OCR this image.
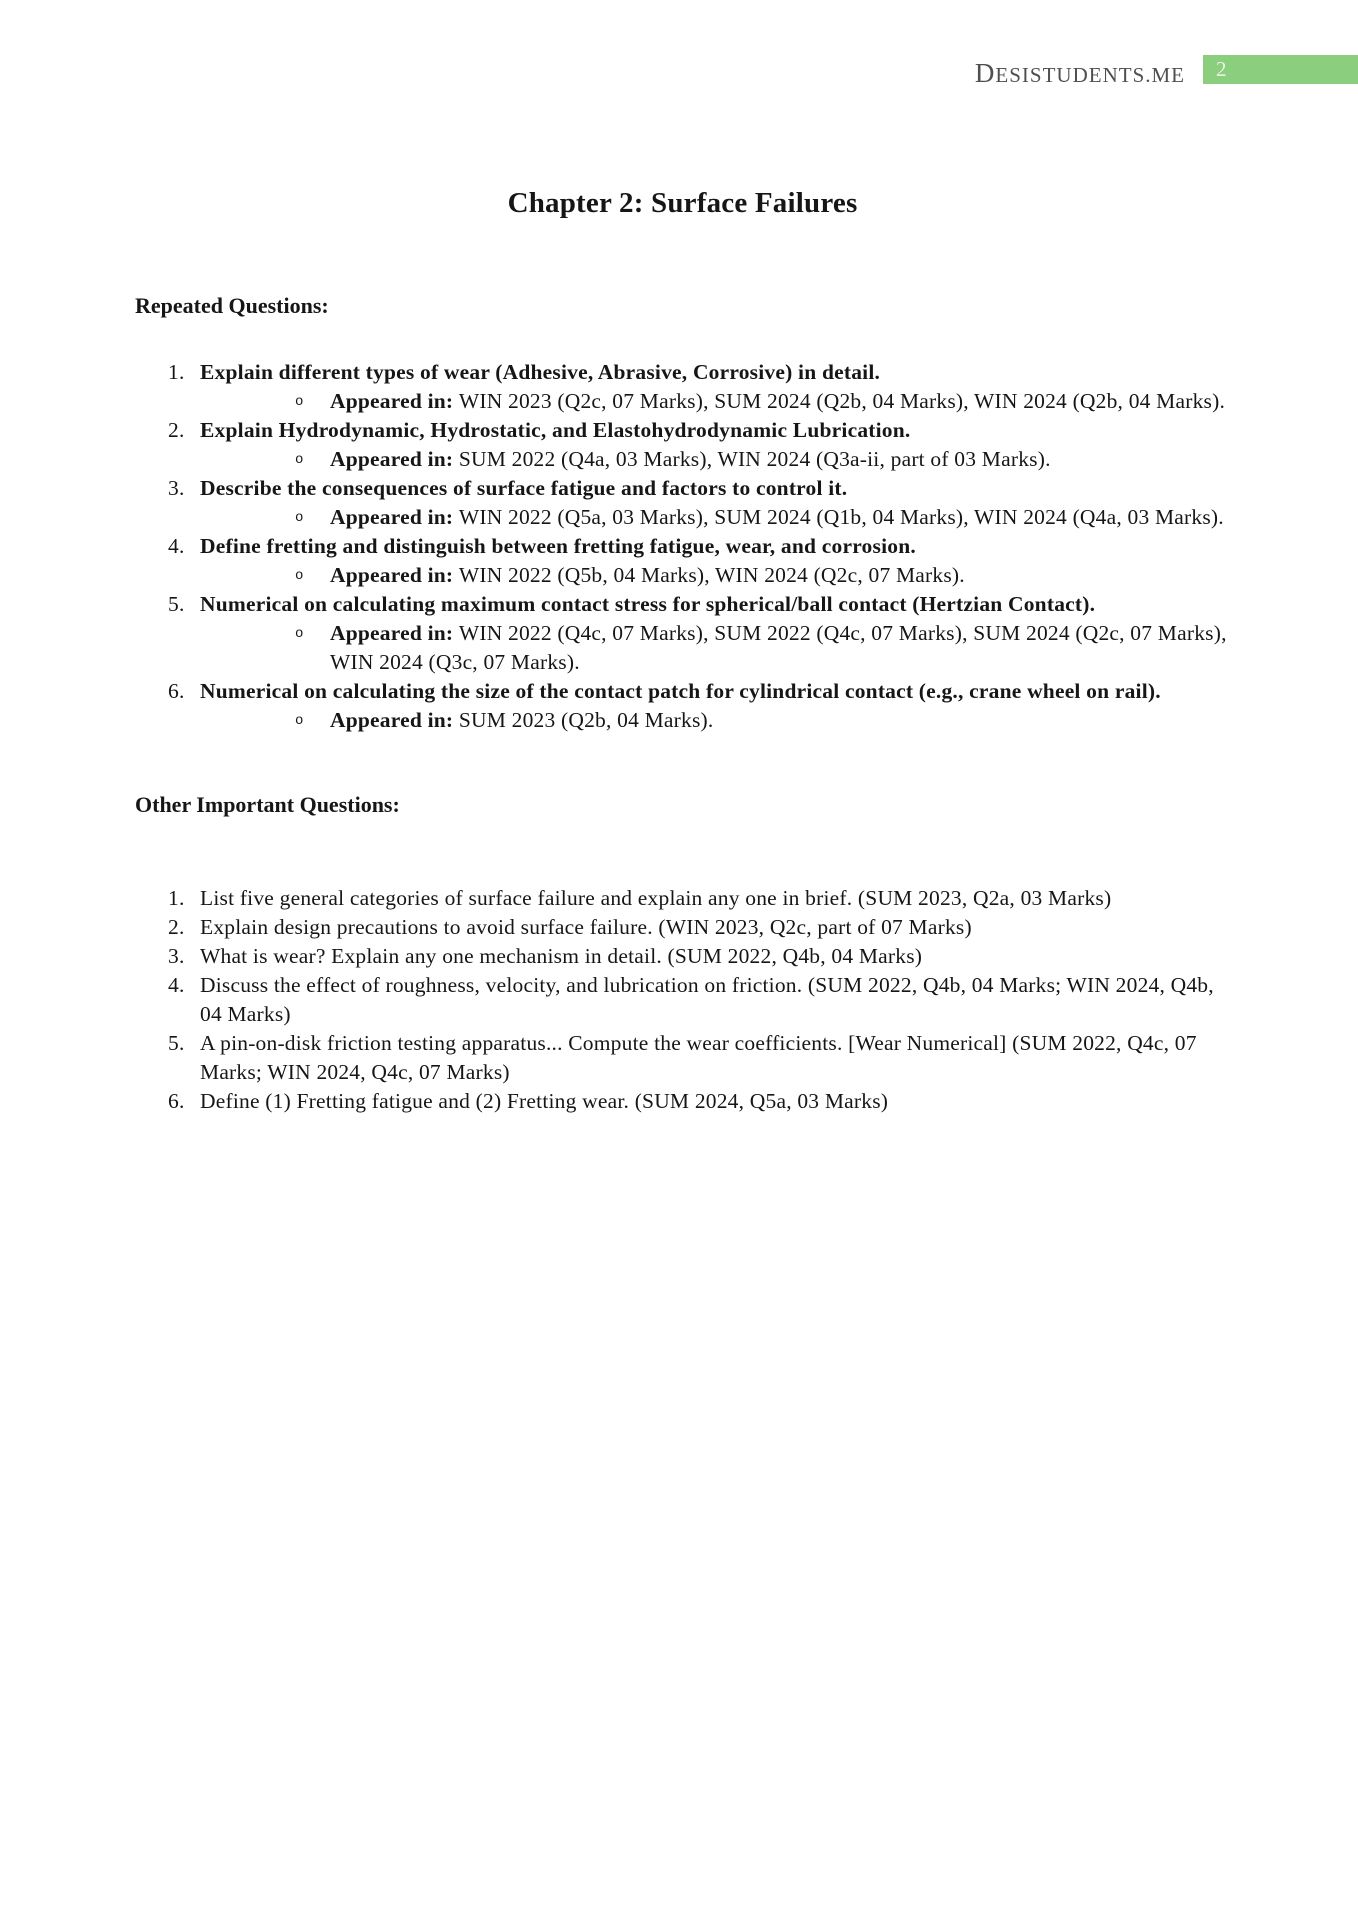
DESISTUDENTS.ME	2
Chapter 2: Surface Failures
Repeated Questions:
1. Explain different types of wear (Adhesive, Abrasive, Corrosive) in detail.
o Appeared in: WIN 2023 (Q2c, 07 Marks), SUM 2024 (Q2b, 04 Marks), WIN 2024 (Q2b, 04 Marks).
2. Explain Hydrodynamic, Hydrostatic, and Elastohydrodynamic Lubrication.
o Appeared in: SUM 2022 (Q4a, 03 Marks), WIN 2024 (Q3a-ii, part of 03 Marks).
3. Describe the consequences of surface fatigue and factors to control it.
o Appeared in: WIN 2022 (Q5a, 03 Marks), SUM 2024 (Q1b, 04 Marks), WIN 2024 (Q4a, 03 Marks).
4. Define fretting and distinguish between fretting fatigue, wear, and corrosion.
o Appeared in: WIN 2022 (Q5b, 04 Marks), WIN 2024 (Q2c, 07 Marks).
5. Numerical on calculating maximum contact stress for spherical/ball contact (Hertzian Contact).
o Appeared in: WIN 2022 (Q4c, 07 Marks), SUM 2022 (Q4c, 07 Marks), SUM 2024 (Q2c, 07 Marks), WIN 2024 (Q3c, 07 Marks).
6. Numerical on calculating the size of the contact patch for cylindrical contact (e.g., crane wheel on rail).
o Appeared in: SUM 2023 (Q2b, 04 Marks).
Other Important Questions:
1. List five general categories of surface failure and explain any one in brief. (SUM 2023, Q2a, 03 Marks)
2. Explain design precautions to avoid surface failure. (WIN 2023, Q2c, part of 07 Marks)
3. What is wear? Explain any one mechanism in detail. (SUM 2022, Q4b, 04 Marks)
4. Discuss the effect of roughness, velocity, and lubrication on friction. (SUM 2022, Q4b, 04 Marks; WIN 2024, Q4b, 04 Marks)
5. A pin-on-disk friction testing apparatus... Compute the wear coefficients. [Wear Numerical] (SUM 2022, Q4c, 07 Marks; WIN 2024, Q4c, 07 Marks)
6. Define (1) Fretting fatigue and (2) Fretting wear. (SUM 2024, Q5a, 03 Marks)
